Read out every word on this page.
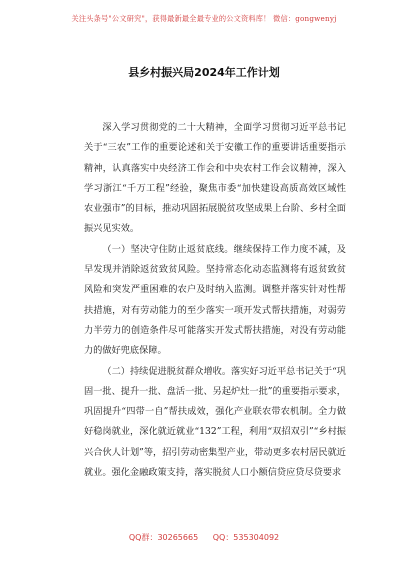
关注头条号"公文研究"，获得最新最全最专业的公文资料库！ 微信：gongwenyj
县乡村振兴局2024年工作计划

深入学习贯彻党的二十大精神，全面学习贯彻习近平总书记关于“三农”工作的重要论述和关于安徽工作的重要讲话重要指示精神，认真落实中央经济工作会和中央农村工作会议精神，深入学习浙江“千万工程”经验，聚焦市委“加快建设高质高效区域性农业强市”的目标，推动巩固拓展脱贫攻坚成果上台阶、乡村全面振兴见实效。

（一）坚决守住防止返贫底线。继续保持工作力度不减，及早发现并消除返贫致贫风险。坚持常态化动态监测将有返贫致贫风险和突发严重困难的农户及时纳入监测。调整并落实针对性帮扶措施，对有劳动能力的至少落实一项开发式帮扶措施，对弱劳力半劳力的创造条件尽可能落实开发式帮扶措施，对没有劳动能力的做好兜底保障。

（二）持续促进脱贫群众增收。落实好习近平总书记关于“巩固一批、提升一批、盘活一批、另起炉灶一批”的重要指示要求，巩固提升“四带一自”帮扶成效，强化产业联农带农机制。全力做好稳岗就业，深化就近就业“132”工程，利用“双招双引”“乡村振兴合伙人计划”等，招引劳动密集型产业，带动更多农村居民就近就业。强化金融政策支持，落实脱贫人口小额信贷应贷尽贷要求

QQ群：30265665 QQ：535304092
